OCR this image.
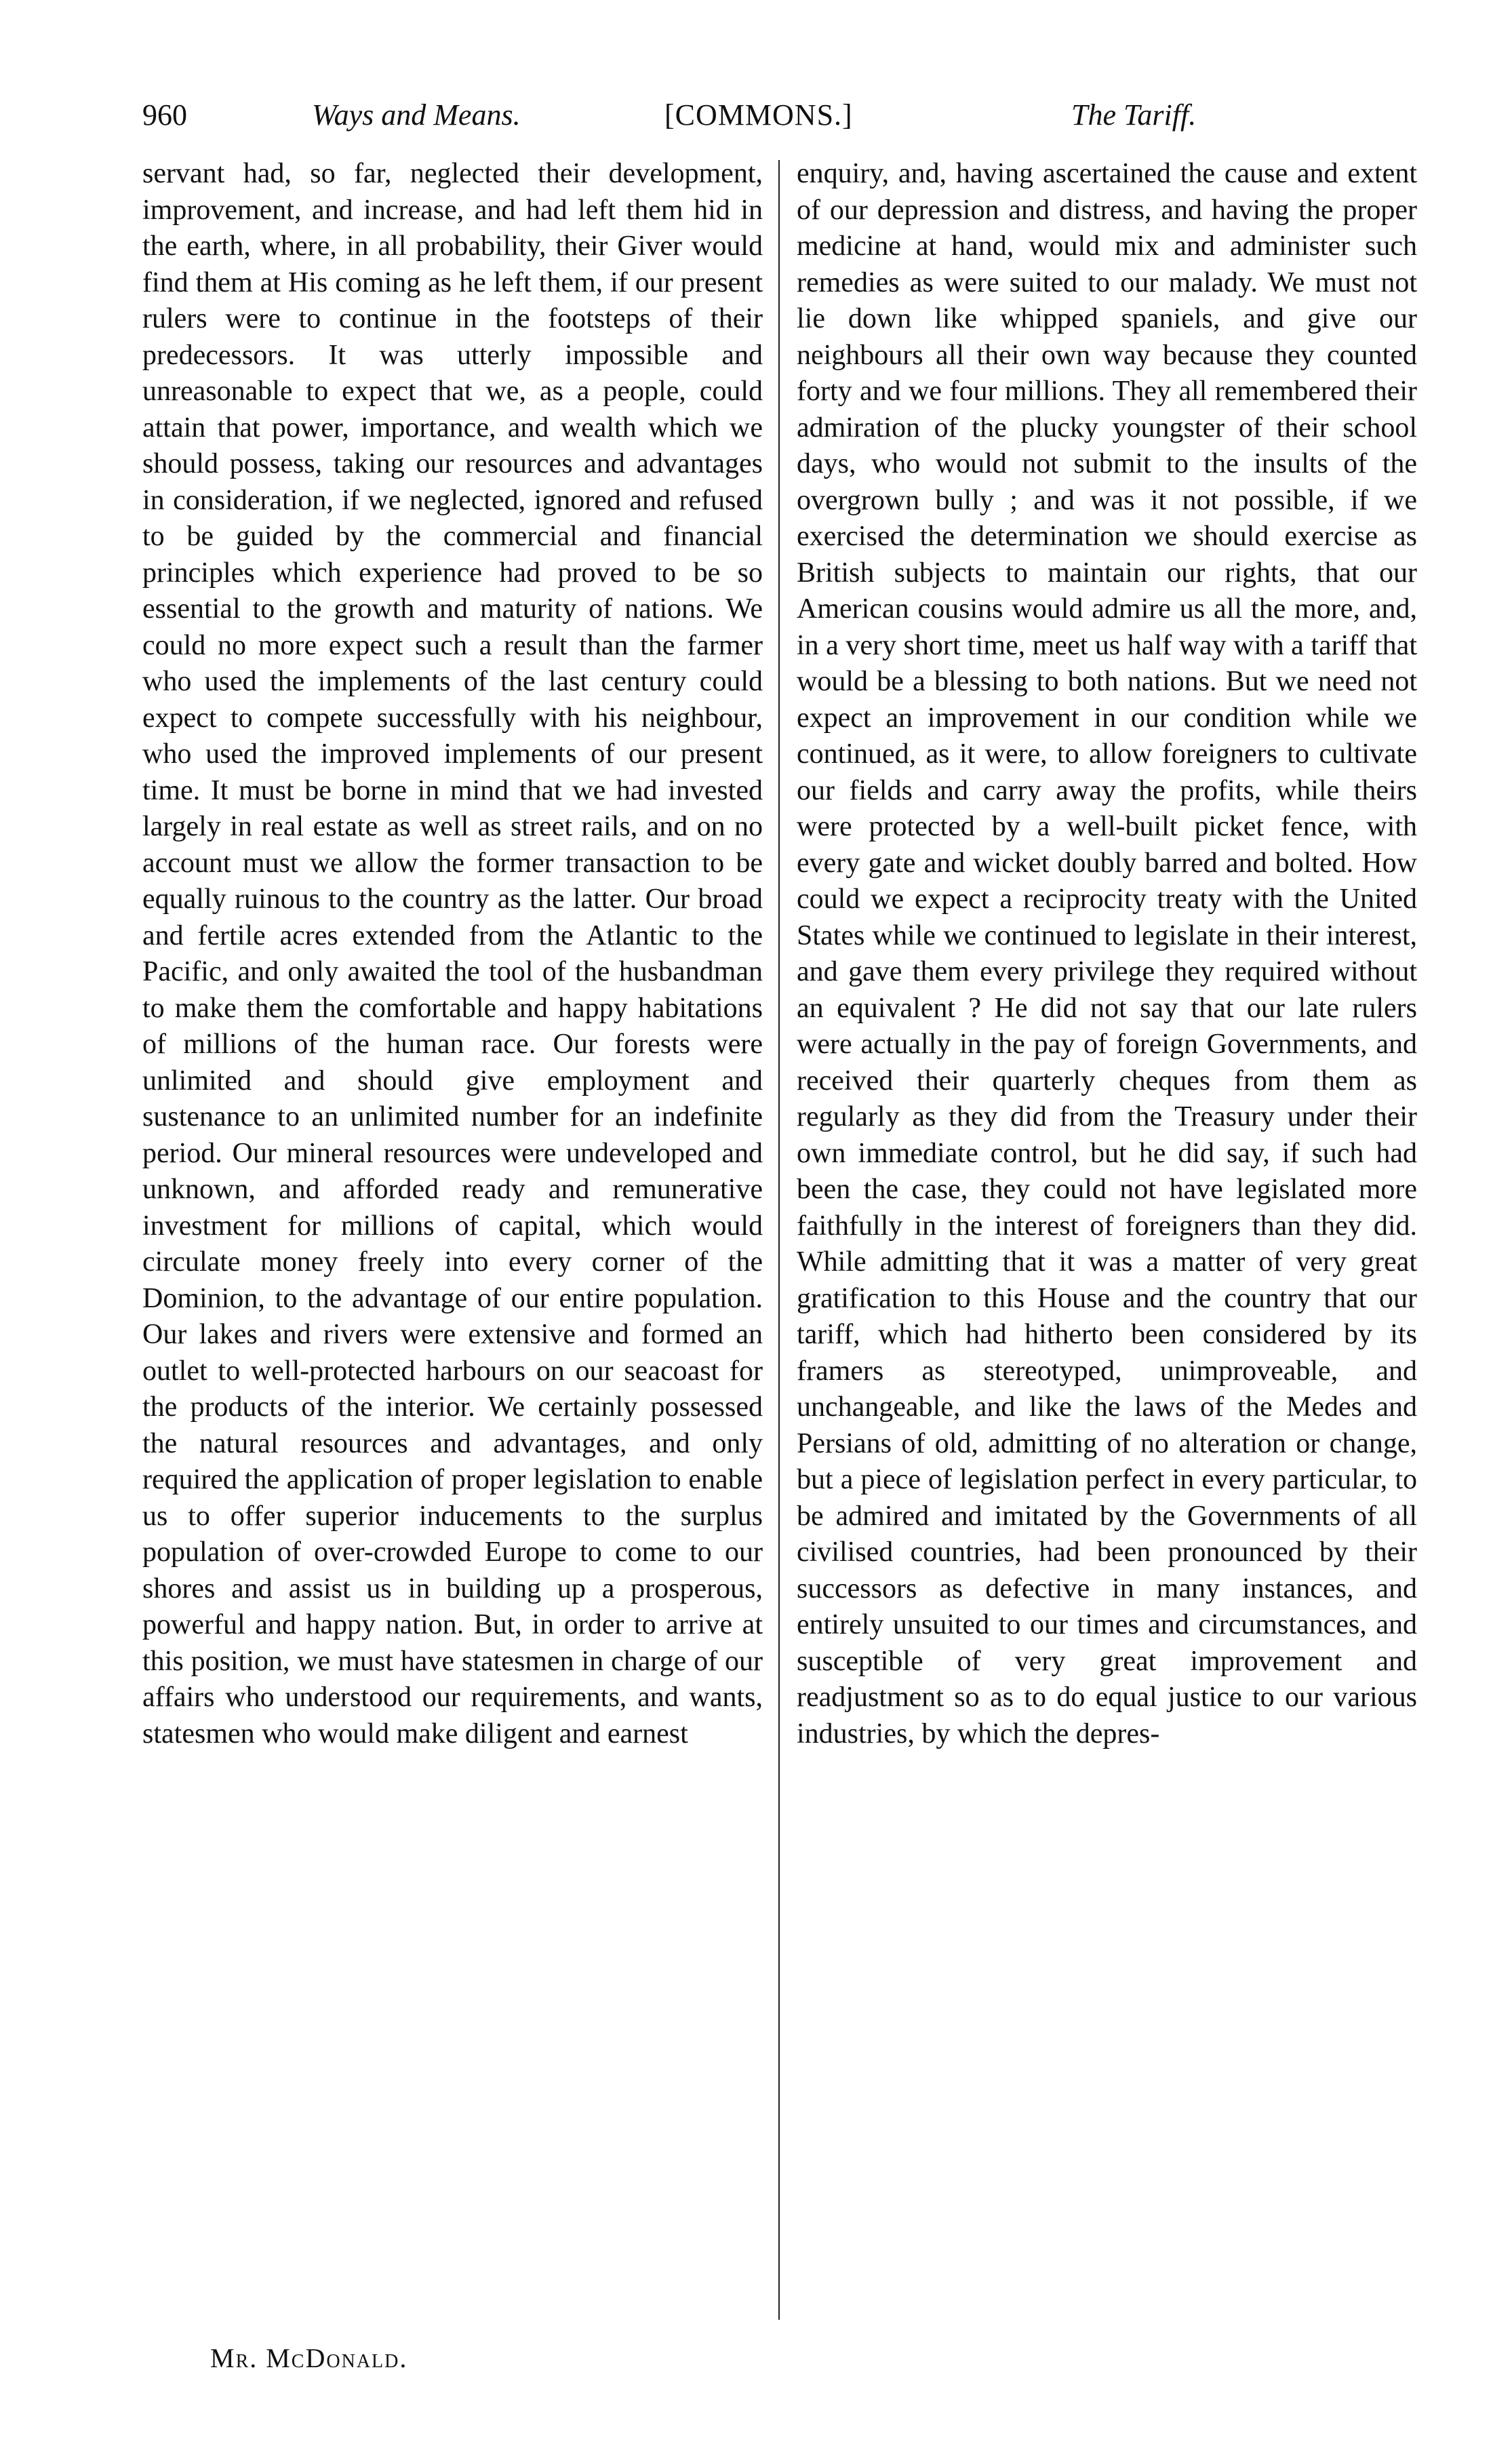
960	Ways and Means.	[COMMONS.]	The Tariff.
servant had, so far, neglected their development, improvement, and increase, and had left them hid in the earth, where, in all probability, their Giver would find them at His coming as he left them, if our present rulers were to continue in the footsteps of their predecessors. It was utterly impossible and unreasonable to expect that we, as a people, could attain that power, importance, and wealth which we should possess, taking our resources and advantages in consideration, if we neglected, ignored and refused to be guided by the commercial and financial principles which experience had proved to be so essential to the growth and maturity of nations. We could no more expect such a result than the farmer who used the implements of the last century could expect to compete successfully with his neighbour, who used the improved implements of our present time. It must be borne in mind that we had invested largely in real estate as well as street rails, and on no account must we allow the former transaction to be equally ruinous to the country as the latter. Our broad and fertile acres extended from the Atlantic to the Pacific, and only awaited the tool of the husbandman to make them the comfortable and happy habitations of millions of the human race. Our forests were unlimited and should give employment and sustenance to an unlimited number for an indefinite period. Our mineral resources were undeveloped and unknown, and afforded ready and remunerative investment for millions of capital, which would circulate money freely into every corner of the Dominion, to the advantage of our entire population. Our lakes and rivers were extensive and formed an outlet to well-protected harbours on our seacoast for the products of the interior. We certainly possessed the natural resources and advantages, and only required the application of proper legislation to enable us to offer superior inducements to the surplus population of over-crowded Europe to come to our shores and assist us in building up a prosperous, powerful and happy nation. But, in order to arrive at this position, we must have statesmen in charge of our affairs who understood our requirements, and wants, statesmen who would make diligent and earnest
enquiry, and, having ascertained the cause and extent of our depression and distress, and having the proper medicine at hand, would mix and administer such remedies as were suited to our malady. We must not lie down like whipped spaniels, and give our neighbours all their own way because they counted forty and we four millions. They all remembered their admiration of the plucky youngster of their school days, who would not submit to the insults of the overgrown bully ; and was it not possible, if we exercised the determination we should exercise as British subjects to maintain our rights, that our American cousins would admire us all the more, and, in a very short time, meet us half way with a tariff that would be a blessing to both nations. But we need not expect an improvement in our condition while we continued, as it were, to allow foreigners to cultivate our fields and carry away the profits, while theirs were protected by a well-built picket fence, with every gate and wicket doubly barred and bolted. How could we expect a reciprocity treaty with the United States while we continued to legislate in their interest, and gave them every privilege they required without an equivalent ? He did not say that our late rulers were actually in the pay of foreign Governments, and received their quarterly cheques from them as regularly as they did from the Treasury under their own immediate control, but he did say, if such had been the case, they could not have legislated more faithfully in the interest of foreigners than they did. While admitting that it was a matter of very great gratification to this House and the country that our tariff, which had hitherto been considered by its framers as stereotyped, unimproveable, and unchangeable, and like the laws of the Medes and Persians of old, admitting of no alteration or change, but a piece of legislation perfect in every particular, to be admired and imitated by the Governments of all civilised countries, had been pronounced by their successors as defective in many instances, and entirely unsuited to our times and circumstances, and susceptible of very great improvement and readjustment so as to do equal justice to our various industries, by which the depres-
Mr. McDonald.
